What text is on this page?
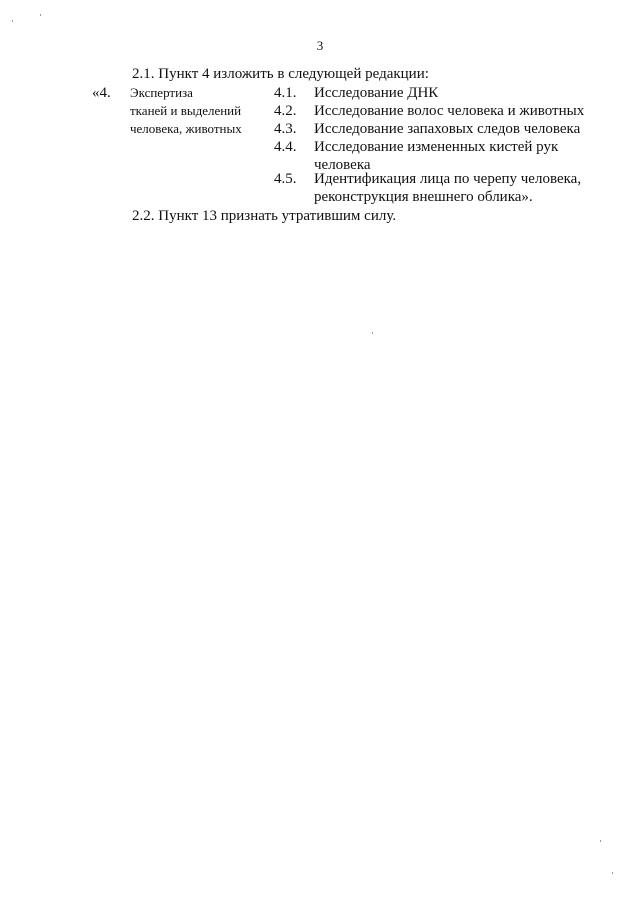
3
2.1. Пункт 4 изложить в следующей редакции:
«4. Экспертиза
тканей и выделений
человека, животных
4.1.	Исследование ДНК
4.2.	Исследование волос человека и животных
4.3.	Исследование запаховых следов человека
4.4.	Исследование измененных кистей рук
человека
4.5.	Идентификация лица по черепу человека,
реконструкция внешнего облика».
2.2. Пункт 13 признать утратившим силу.
